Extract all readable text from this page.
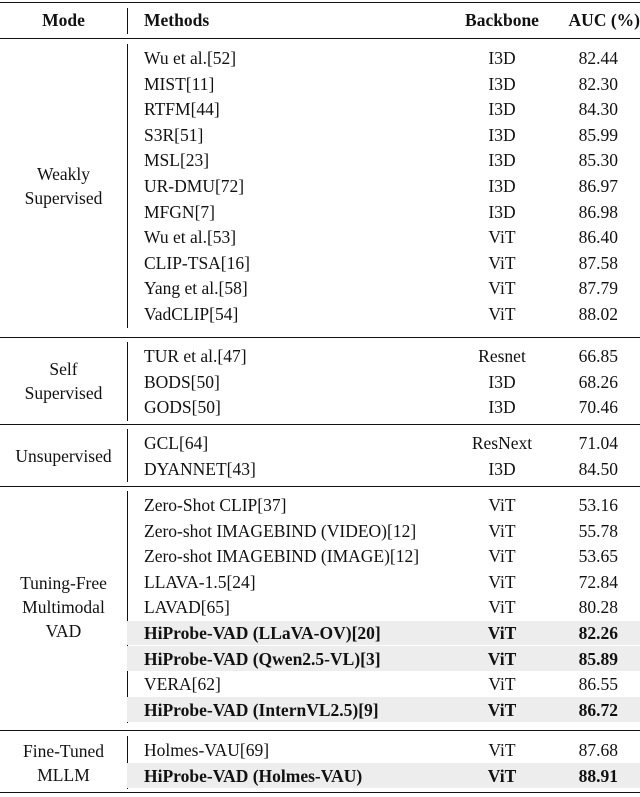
Mode	Methods	Backbone	AUC (%)
Weakly
Supervised
Wu et al.[52]	I3D	82.44
MIST[11]	I3D	82.30
RTFM[44]	I3D	84.30
S3R[51]	I3D	85.99
MSL[23]	I3D	85.30
UR-DMU[72]	I3D	86.97
MFGN[7]	I3D	86.98
Wu et al.[53]	ViT	86.40
CLIP-TSA[16]	ViT	87.58
Yang et al.[58]	ViT	87.79
VadCLIP[54]	ViT	88.02
Self
Supervised
TUR et al.[47]	Resnet	66.85
BODS[50]	I3D	68.26
GODS[50]	I3D	70.46
Unsupervised
GCL[64]	ResNext	71.04
DYANNET[43]	I3D	84.50
Tuning-Free
Multimodal
VAD
Zero-Shot CLIP[37]	ViT	53.16
Zero-shot IMAGEBIND (VIDEO)[12]	ViT	55.78
Zero-shot IMAGEBIND (IMAGE)[12]	ViT	53.65
LLAVA-1.5[24]	ViT	72.84
LAVAD[65]	ViT	80.28
HiProbe-VAD (LLaVA-OV)[20]	ViT	82.26
HiProbe-VAD (Qwen2.5-VL)[3]	ViT	85.89
VERA[62]	ViT	86.55
HiProbe-VAD (InternVL2.5)[9]	ViT	86.72
Fine-Tuned
MLLM
Holmes-VAU[69]	ViT	87.68
HiProbe-VAD (Holmes-VAU)	ViT	88.91
